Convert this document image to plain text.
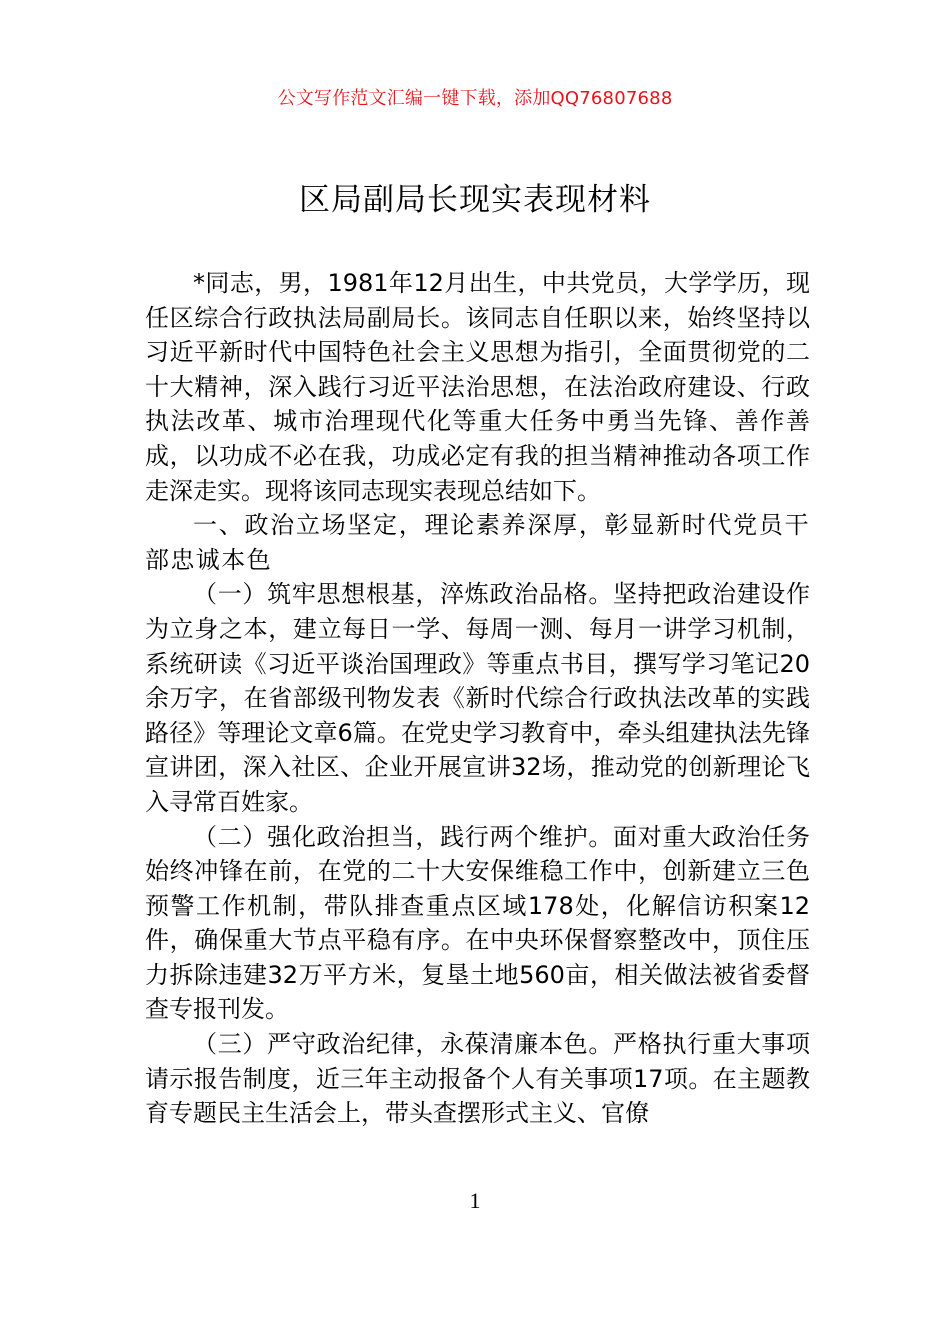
公文写作范文汇编一键下载，添加QQ76807688
区局副局长现实表现材料

*同志，男，1981年12月出生，中共党员，大学学历，现任区综合行政执法局副局长。该同志自任职以来，始终坚持以习近平新时代中国特色社会主义思想为指引，全面贯彻党的二十大精神，深入践行习近平法治思想，在法治政府建设、行政执法改革、城市治理现代化等重大任务中勇当先锋、善作善成，以功成不必在我，功成必定有我的担当精神推动各项工作走深走实。现将该同志现实表现总结如下。

一、政治立场坚定，理论素养深厚，彰显新时代党员干部忠诚本色

（一）筑牢思想根基，淬炼政治品格。坚持把政治建设作为立身之本，建立每日一学、每周一测、每月一讲学习机制，系统研读《习近平谈治国理政》等重点书目，撰写学习笔记20余万字，在省部级刊物发表《新时代综合行政执法改革的实践路径》等理论文章6篇。在党史学习教育中，牵头组建执法先锋宣讲团，深入社区、企业开展宣讲32场，推动党的创新理论飞入寻常百姓家。

（二）强化政治担当，践行两个维护。面对重大政治任务始终冲锋在前，在党的二十大安保维稳工作中，创新建立三色预警工作机制，带队排查重点区域178处，化解信访积案12件，确保重大节点平稳有序。在中央环保督察整改中，顶住压力拆除违建32万平方米，复垦土地560亩，相关做法被省委督查专报刊发。

（三）严守政治纪律，永葆清廉本色。严格执行重大事项请示报告制度，近三年主动报备个人有关事项17项。在主题教育专题民主生活会上，带头查摆形式主义、官僚

1
